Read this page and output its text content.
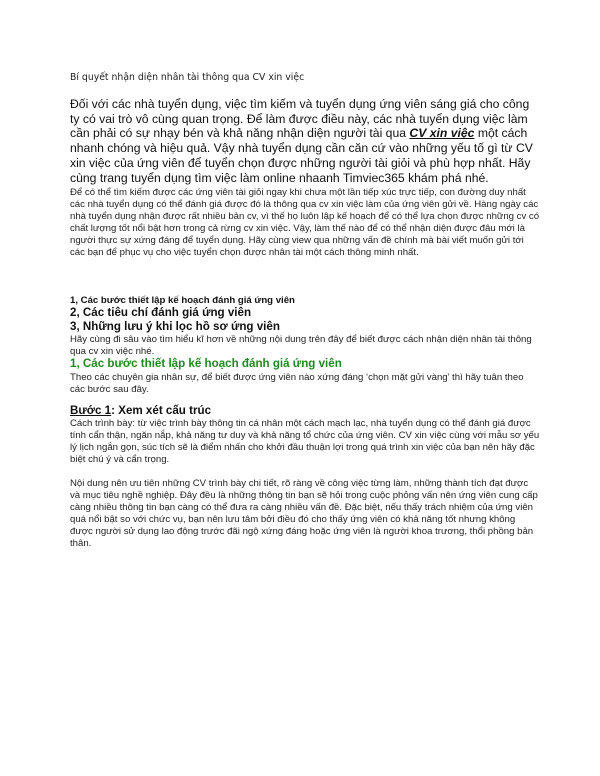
Bí quyết nhận diện nhân tài thông qua CV xin việc
Đối với các nhà tuyển dụng, việc tìm kiếm và tuyển dụng ứng viên sáng giá cho công ty có vai trò vô cùng quan trọng. Để làm được điều này, các nhà tuyển dụng việc làm cần phải có sự nhạy bén và khả năng nhận diện người tài qua CV xin việc một cách nhanh chóng và hiệu quả. Vậy nhà tuyển dụng cần căn cứ vào những yếu tố gì từ CV xin việc của ứng viên để tuyển chọn được những người tài giỏi và phù hợp nhất. Hãy cùng trang tuyển dụng tìm việc làm online nhaanh Timviec365 khám phá nhé.
Để có thể tìm kiếm được các ứng viên tài giỏi ngay khi chưa một lần tiếp xúc trực tiếp, con đường duy nhất các nhà tuyển dụng có thể đánh giá được đó là thông qua cv xin việc làm của ứng viên gửi về. Hàng ngày các nhà tuyển dụng nhận được rất nhiều bản cv, vì thế họ luôn lập kế hoạch để có thể lựa chọn được những cv có chất lượng tốt nổi bật hơn trong cả rừng cv xin việc. Vậy, làm thế nào để có thể nhận diện được đâu mới là người thực sự xứng đáng để tuyển dụng. Hãy cùng view qua những vấn đề chính mà bài viết muốn gửi tới các bạn để phục vụ cho việc tuyển chọn được nhân tài một cách thông minh nhất.
1, Các bước thiết lập kế hoạch đánh giá ứng viên
2, Các tiêu chí đánh giá ứng viên
3, Những lưu ý khi lọc hồ sơ ứng viên
Hãy cùng đi sâu vào tìm hiểu kĩ hơn về những nội dung trên đây để biết được cách nhận diện nhân tài thông qua cv xin việc nhé.
1, Các bước thiết lập kế hoạch đánh giá ứng viên
Theo các chuyên gia nhân sự, để biết được ứng viên nào xứng đáng ‘chọn mặt gửi vàng’ thì hãy tuân theo các bước sau đây.
Bước 1: Xem xét cấu trúc
Cách trình bày: từ việc trình bày thông tin cá nhân một cách mạch lạc, nhà tuyển dụng có thể đánh giá được tính cẩn thận, ngăn nắp, khả năng tư duy và khả năng tổ chức của ứng viên. CV xin việc cùng với mẫu sơ yếu lý lịch ngắn gọn, súc tích sẽ là điểm nhấn cho khởi đầu thuận lợi trong quá trình xin việc của bạn nên hãy đặc biệt chú ý và cẩn trọng.
Nội dung nên ưu tiên những CV trình bày chi tiết, rõ ràng về công việc từng làm, những thành tích đạt được và mục tiêu nghề nghiệp. Đây đều là những thông tin bạn sẽ hỏi trong cuộc phỏng vấn nên ứng viên cung cấp càng nhiều thông tin bạn càng có thể đưa ra càng nhiều vấn đề. Đặc biệt, nếu thấy trách nhiệm của ứng viên quá nổi bật so với chức vụ, bạn nên lưu tâm bởi điều đó cho thấy ứng viên có khả năng tốt nhưng không được người sử dụng lao động trước đãi ngộ xứng đáng hoặc ứng viên là người khoa trương, thổi phồng bản thân.
